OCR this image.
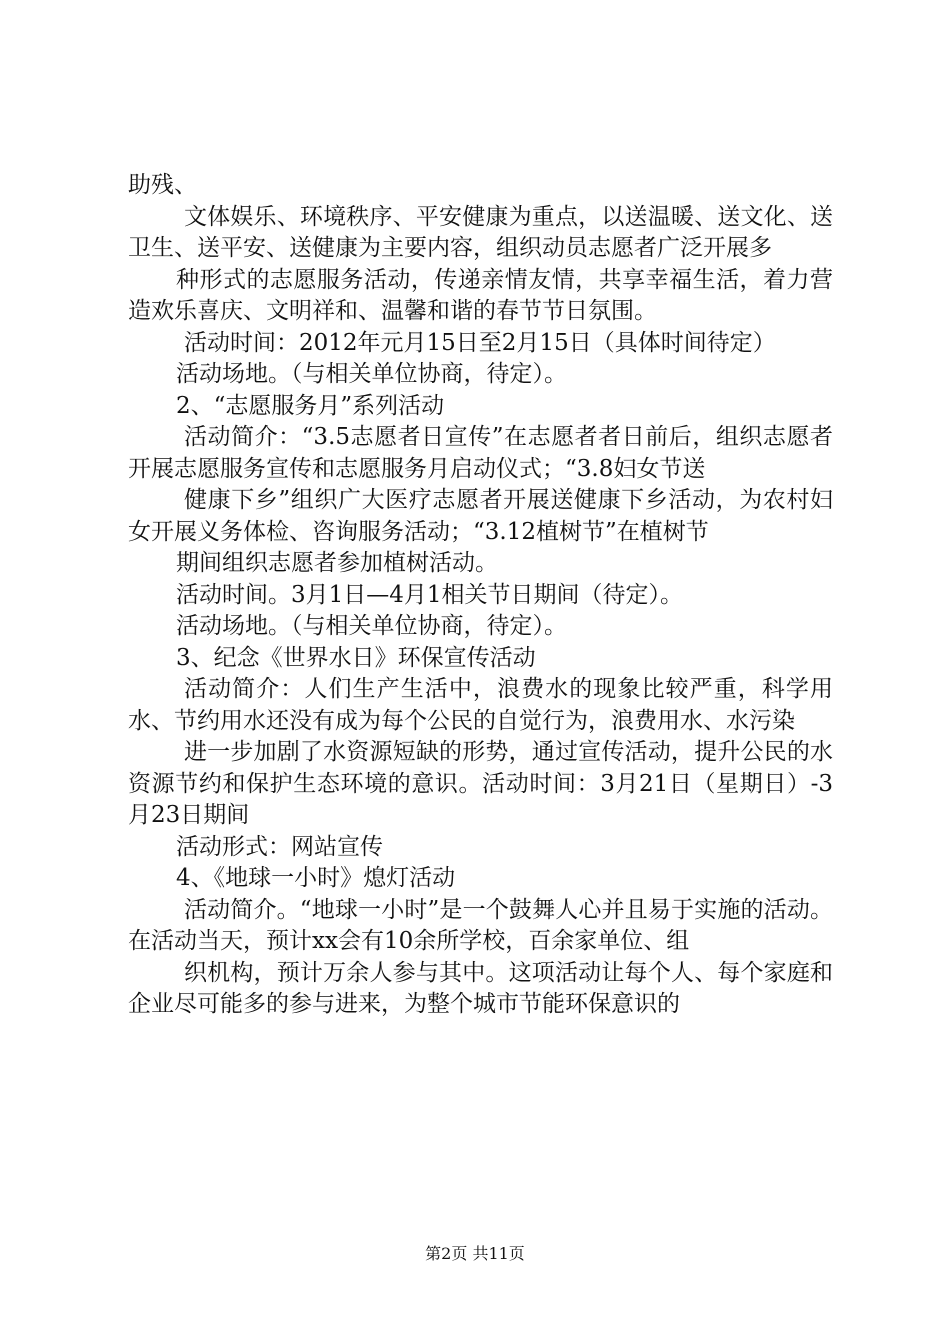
助残、

文体娱乐、环境秩序、平安健康为重点，以送温暖、送文化、送卫生、送平安、送健康为主要内容，组织动员志愿者广泛开展多

种形式的志愿服务活动，传递亲情友情，共享幸福生活，着力营造欢乐喜庆、文明祥和、温馨和谐的春节节日氛围。

活动时间：2012年元月15日至2月15日（具体时间待定）

活动场地。（与相关单位协商，待定）。

2、“志愿服务月”系列活动

活动简介：“3.5志愿者日宣传”在志愿者者日前后，组织志愿者开展志愿服务宣传和志愿服务月启动仪式；“3.8妇女节送

健康下乡”组织广大医疗志愿者开展送健康下乡活动，为农村妇女开展义务体检、咨询服务活动；“3.12植树节”在植树节

期间组织志愿者参加植树活动。

活动时间。3月1日—4月1相关节日期间（待定）。

活动场地。（与相关单位协商，待定）。

3、纪念《世界水日》环保宣传活动

活动简介：人们生产生活中，浪费水的现象比较严重，科学用水、节约用水还没有成为每个公民的自觉行为，浪费用水、水污染

进一步加剧了水资源短缺的形势，通过宣传活动，提升公民的水资源节约和保护生态环境的意识。活动时间：3月21日（星期日）-3月23日期间

活动形式：网站宣传

4、《地球一小时》熄灯活动

活动简介。“地球一小时”是一个鼓舞人心并且易于实施的活动。在活动当天，预计xx会有10余所学校，百余家单位、组

织机构，预计万余人参与其中。这项活动让每个人、每个家庭和企业尽可能多的参与进来，为整个城市节能环保意识的

第2页 共11页
